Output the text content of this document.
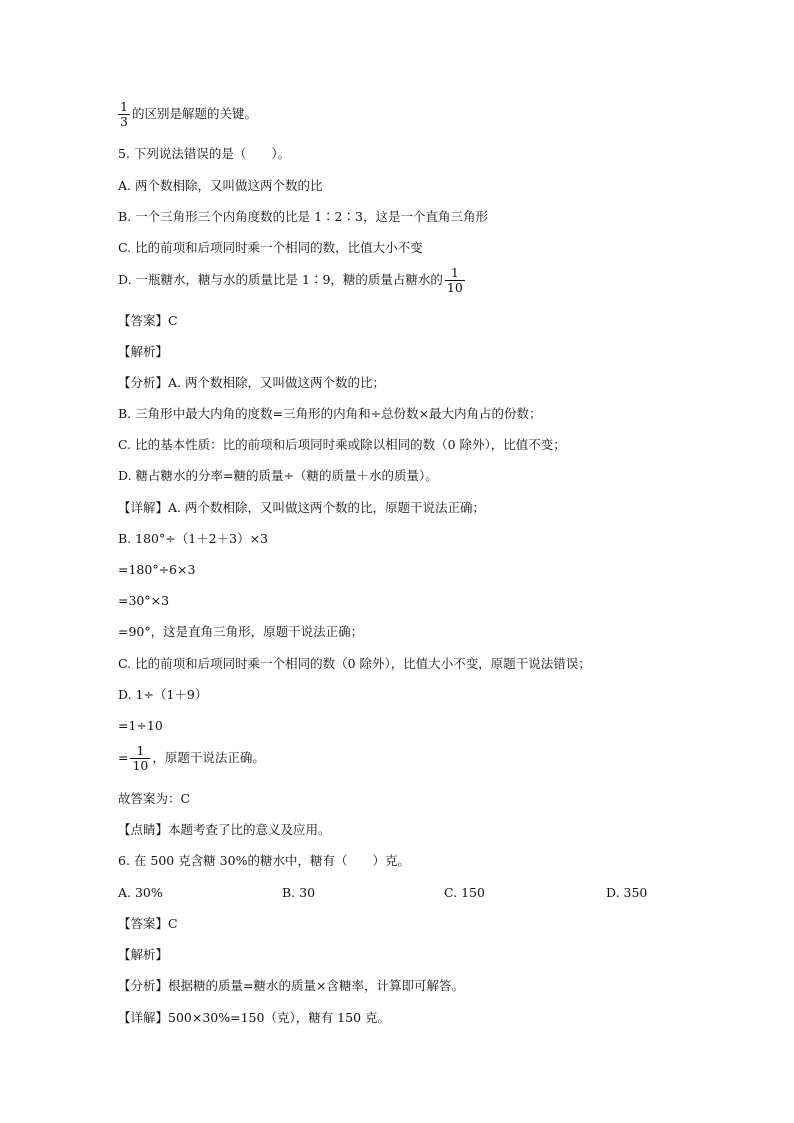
$\frac{1}{3}$ 的区别是解题的关键。
5. 下列说法错误的是（　　）。
A. 两个数相除，又叫做这两个数的比
B. 一个三角形三个内角度数的比是 1∶2∶3，这是一个直角三角形
C. 比的前项和后项同时乘一个相同的数，比值大小不变
D. 一瓶糖水，糖与水的质量比是 1∶9，糖的质量占糖水的 $\frac{1}{10}$
【答案】C
【解析】
【分析】A. 两个数相除，又叫做这两个数的比；
B. 三角形中最大内角的度数=三角形的内角和÷总份数×最大内角占的份数；
C. 比的基本性质：比的前项和后项同时乘或除以相同的数（0 除外），比值不变；
D. 糖占糖水的分率=糖的质量÷（糖的质量＋水的质量）。
【详解】A. 两个数相除，又叫做这两个数的比，原题干说法正确；
B. 180°÷（1＋2＋3）×3
=180°÷6×3
=30°×3
=90°，这是直角三角形，原题干说法正确；
C. 比的前项和后项同时乘一个相同的数（0 除外），比值大小不变，原题干说法错误；
D. 1÷（1＋9）
=1÷10
= $\frac{1}{10}$ ，原题干说法正确。
故答案为：C
【点睛】本题考查了比的意义及应用。
6. 在 500 克含糖 30%的糖水中，糖有（　　）克。
A. 30%	B. 30	C. 150	D. 350
【答案】C
【解析】
【分析】根据糖的质量=糖水的质量×含糖率，计算即可解答。
【详解】500×30%=150（克），糖有 150 克。
